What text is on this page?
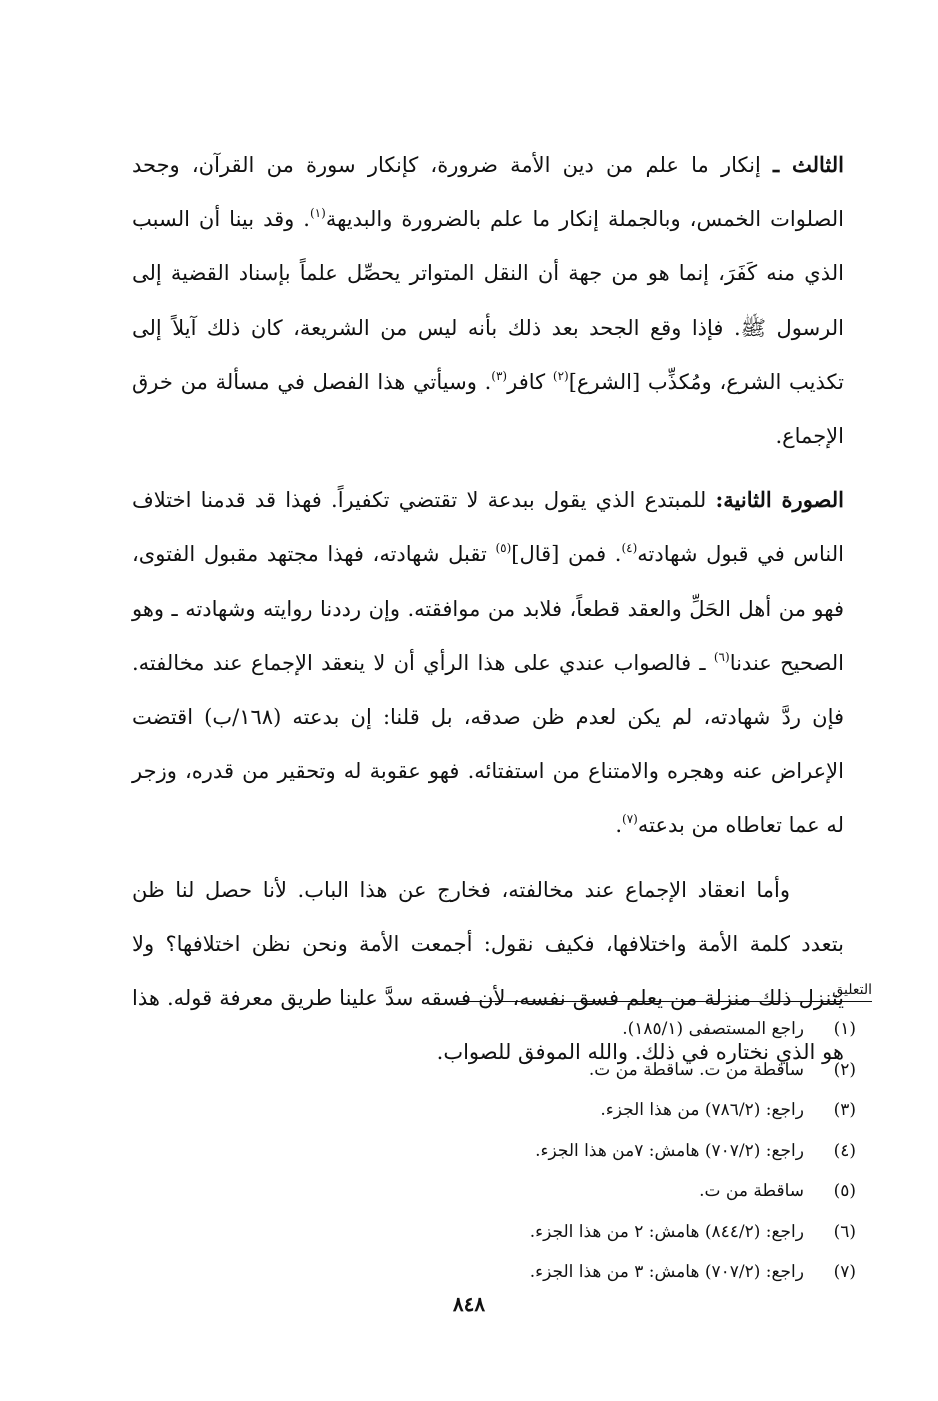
الثالث ـ إنكار ما علم من دين الأمة ضرورة، كإنكار سورة من القرآن، وجحد الصلوات الخمس، وبالجملة إنكار ما علم بالضرورة والبديهة$^{(١)}$. وقد بينا أن السبب الذي منه كَفَرَ، إنما هو من جهة أن النقل المتواتر يحصِّل علماً بإسناد القضية إلى الرسول ﷺ. فإذا وقع الجحد بعد ذلك بأنه ليس من الشريعة، كان ذلك آيلاً إلى تكذيب الشرع، ومُكذِّب [الشرع]$^{(٢)}$ كافر$^{(٣)}$. وسيأتي هذا الفصل في مسألة من خرق الإجماع.

الصورة الثانية: للمبتدع الذي يقول ببدعة لا تقتضي تكفيراً. فهذا قد قدمنا اختلاف الناس في قبول شهادته$^{(٤)}$. فمن [قال]$^{(٥)}$ تقبل شهادته، فهذا مجتهد مقبول الفتوى، فهو من أهل الحَلِّ والعقد قطعاً، فلابد من موافقته. وإن رددنا روايته وشهادته ـ وهو الصحيح عندنا$^{(٦)}$ ـ فالصواب عندي على هذا الرأي أن لا ينعقد الإجماع عند مخالفته. فإن ردَّ شهادته، لم يكن لعدم ظن صدقه، بل قلنا: إن بدعته (١٦٨/ب) اقتضت الإعراض عنه وهجره والامتناع من استفتائه. فهو عقوبة له وتحقير من قدره، وزجر له عما تعاطاه من بدعته$^{(٧)}$.

وأما انعقاد الإجماع عند مخالفته، فخارج عن هذا الباب. لأنا حصل لنا ظن بتعدد كلمة الأمة واختلافها، فكيف نقول: أجمعت الأمة ونحن نظن اختلافها؟ ولا يتنزل ذلك منزلة من يعلم فسق نفسه، لأن فسقه سدَّ علينا طريق معرفة قوله. هذا هو الذي نختاره في ذلك. والله الموفق للصواب.

التعليق
(١)راجع المستصفى (١٨٥/١).
(٢)ساقطة من ت. ساقطة من ت.
(٣)راجع: (٧٨٦/٢) من هذا الجزء.
(٤)راجع: (٧٠٧/٢) هامش: ٧من هذا الجزء.
(٥)ساقطة من ت.
(٦)راجع: (٨٤٤/٢) هامش: ٢ من هذا الجزء.
(٧)راجع: (٧٠٧/٢) هامش: ٣ من هذا الجزء.
٨٤٨
